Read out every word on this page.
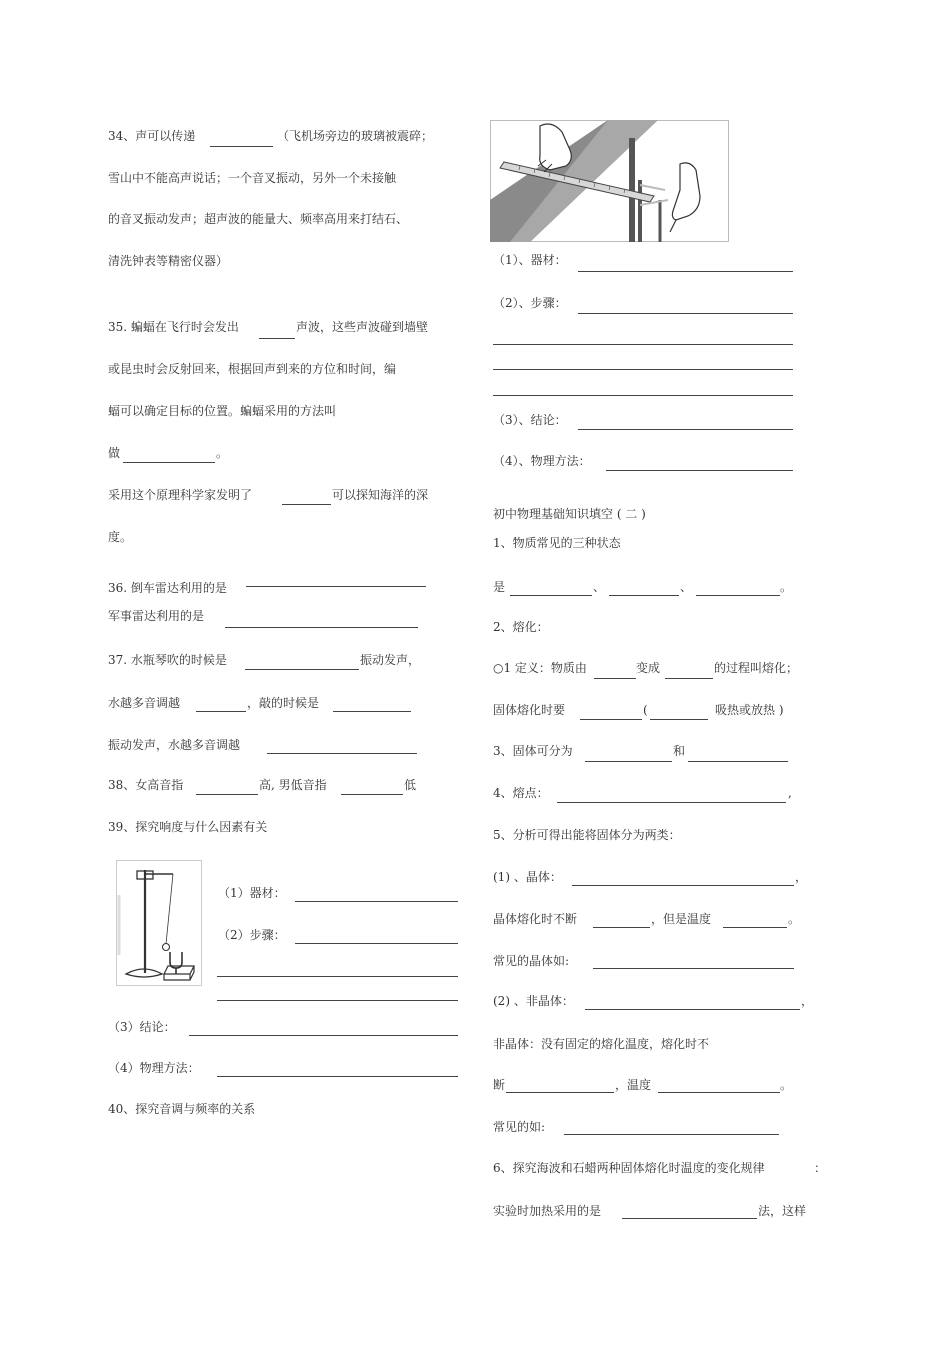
34、声可以传递	（飞机场旁边的玻璃被震碎；
雪山中不能高声说话；一个音叉振动，另外一个未接触
的音叉振动发声；超声波的能量大、频率高用来打结石、
清洗钟表等精密仪器）
35. 蝙蝠在飞行时会发出	声波，这些声波碰到墙壁
或昆虫时会反射回来，根据回声到来的方位和时间，编
蝠可以确定目标的位置。蝙蝠采用的方法叫
做	。
采用这个原理科学家发明了	可以探知海洋的深
度。
36. 倒车雷达利用的是
军事雷达利用的是
37. 水瓶琴吹的时候是	振动发声，
水越多音调越	，敲的时候是
振动发声，水越多音调越
38、女高音指	高, 男低音指	低
39、探究响度与什么因素有关
（1）器材：
（2）步骤：
（3）结论：
（4）物理方法：
40、探究音调与频率的关系
（1）、器材：
（2）、步骤：
（3）、结论：
（4）、物理方法：
初中物理基础知识填空 ( 二 )
1、物质常见的三种状态
是	、	、	。
2、熔化：
○1 定义：物质由	变成	的过程叫熔化；
固体熔化时要	(	吸热或放热 )
3、固体可分为	和
4、熔点：	,
5、分析可得出能将固体分为两类：
(1) 、晶体：	，
晶体熔化时不断	，但是温度	。
常见的晶体如:
(2) 、非晶体：	，
非晶体：没有固定的熔化温度，熔化时不
断	，温度	。
常见的如:
6、探究海波和石蜡两种固体熔化时温度的变化规律	：
实验时加热采用的是	法，这样
